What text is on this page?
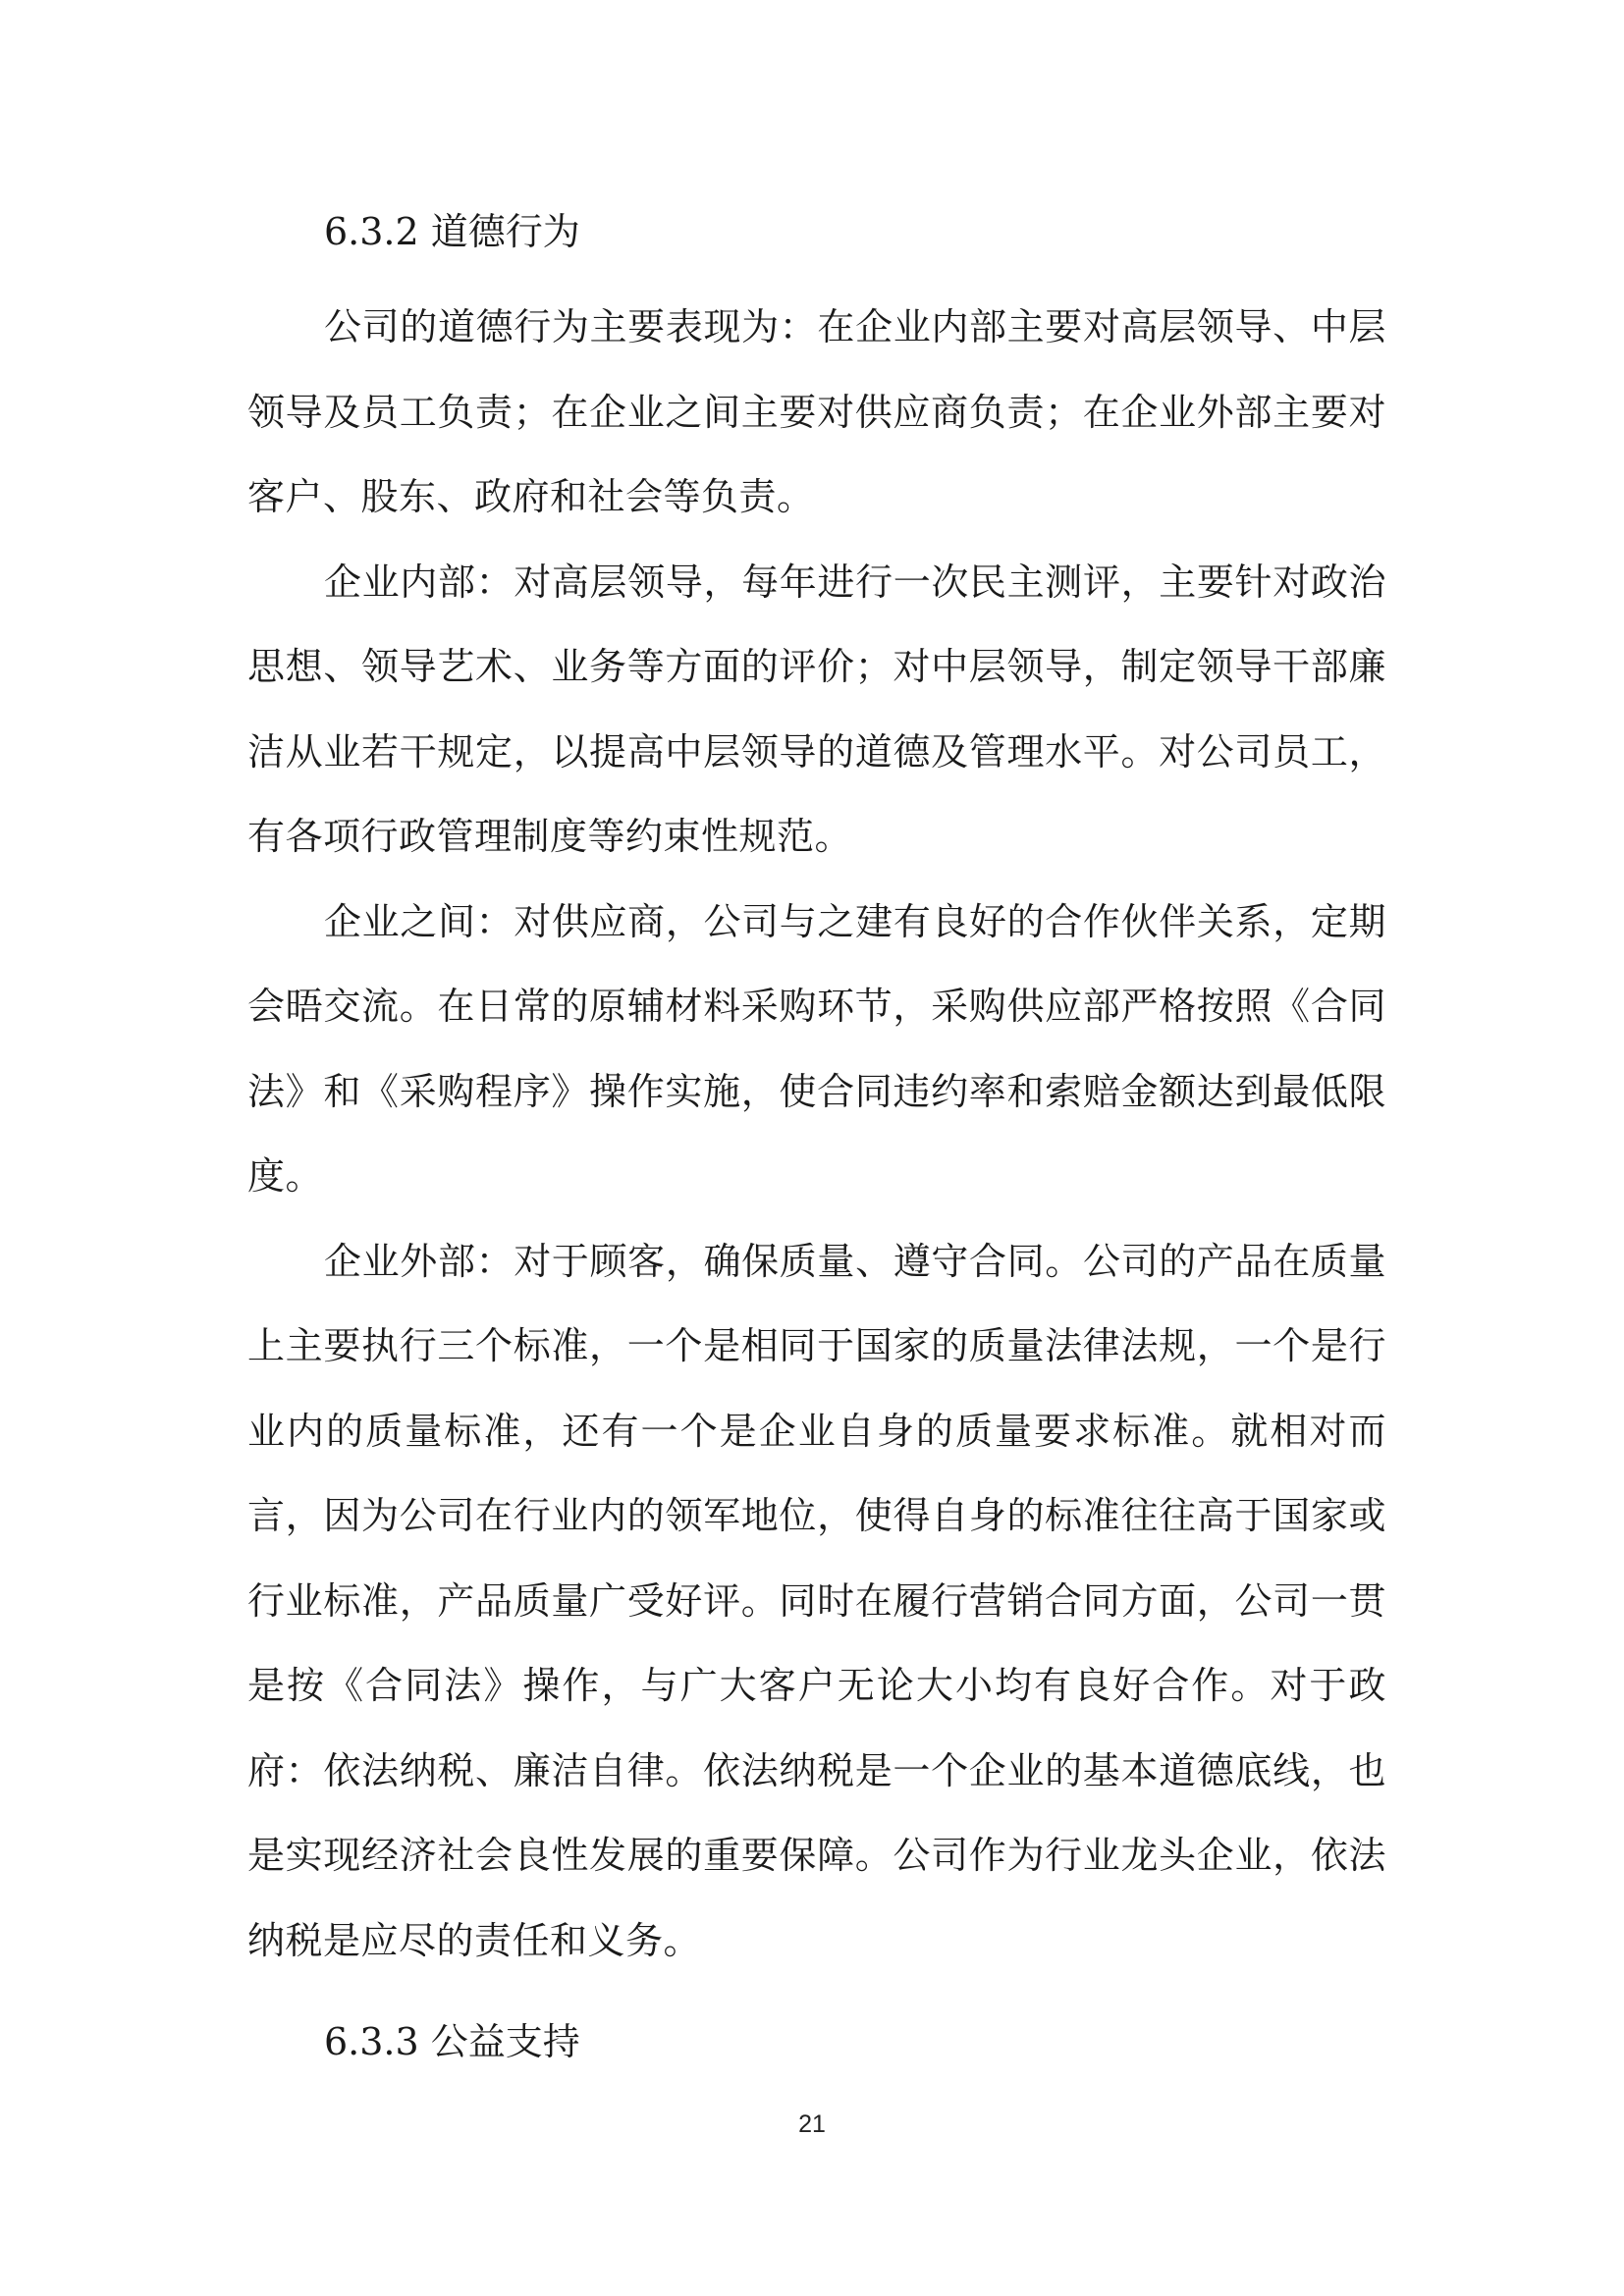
6.3.2 道德行为

公司的道德行为主要表现为：在企业内部主要对高层领导、中层领导及员工负责；在企业之间主要对供应商负责；在企业外部主要对客户、股东、政府和社会等负责。

企业内部：对高层领导，每年进行一次民主测评，主要针对政治思想、领导艺术、业务等方面的评价；对中层领导，制定领导干部廉洁从业若干规定，以提高中层领导的道德及管理水平。对公司员工，有各项行政管理制度等约束性规范。

企业之间：对供应商，公司与之建有良好的合作伙伴关系，定期会晤交流。在日常的原辅材料采购环节，采购供应部严格按照《合同法》和《采购程序》操作实施，使合同违约率和索赔金额达到最低限度。

企业外部：对于顾客，确保质量、遵守合同。公司的产品在质量上主要执行三个标准，一个是相同于国家的质量法律法规，一个是行业内的质量标准，还有一个是企业自身的质量要求标准。就相对而言，因为公司在行业内的领军地位，使得自身的标准往往高于国家或行业标准，产品质量广受好评。同时在履行营销合同方面，公司一贯是按《合同法》操作，与广大客户无论大小均有良好合作。对于政府：依法纳税、廉洁自律。依法纳税是一个企业的基本道德底线，也是实现经济社会良性发展的重要保障。公司作为行业龙头企业，依法纳税是应尽的责任和义务。

6.3.3 公益支持
21
